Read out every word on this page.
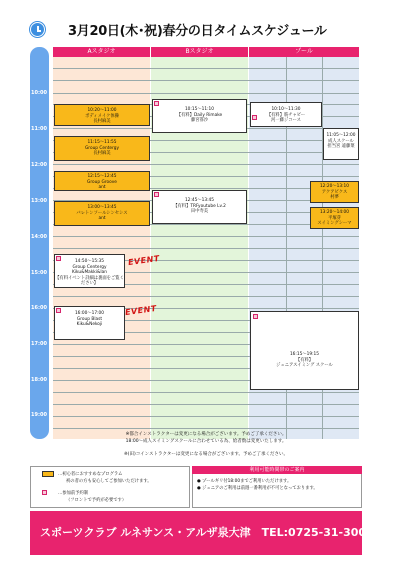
3月20日(木･祝)春分の日タイムスケジュール
10:00
11:00
12:00
13:00
14:00
15:00
16:00
17:00
18:00
19:00
Aスタジオ	Bスタジオ	プール
10:20～11:00
ボディメイク体操
長村麻美
11:15～11:55
Group Centergy
長村麻美
12:15～12:45
Group Groove
ant
13:00～13:45
バレトンソールシンセシス
ant
14:50～15:35
Group Centergy
Kiku&Makki&Ian
【有料イベント詳細は裏面をご覧ください】
EVENT
16:00～17:00
Group Blast
Kiku&Nekoji
EVENT
10:15～11:10
【有料】Daily Rimake
藤宮寡沙
12:45～13:45
【有料】TRFyoutube Lv.2
田中寿美
10:10～11:30
【有料】筋チャビー
河一藤ジコース
11:05～12:00
成人スクール
担当宮 遠藤菜
12:20～13:10
アクアビクス
村夢
13:20～14:00
平塚芽
スイミングシーマ
16:15～19:15
【有料】
ジュニアスイミング スクール
※都合インストラクターは変更になる場合がございます。予めご了承ください。
18:00～成人スイミングスクールに合わせている為、給者数は変更いたします。
※(田)コインストラクターは変更になる場合がございます。予めご了承ください。
…初心者におすすめなプログラム
初の者の方も安心してご参加いただけます。
…参加前予約制
（フロントで予約が必要です）
利用可能時間帯のご案内
● プールギリ付18:00までご利用いただけます。
● ジュニアのご利用は前週一番利用が不可となっております。
スポーツクラブ ルネサンス・アルザ泉大津　TEL:0725-31-3000
